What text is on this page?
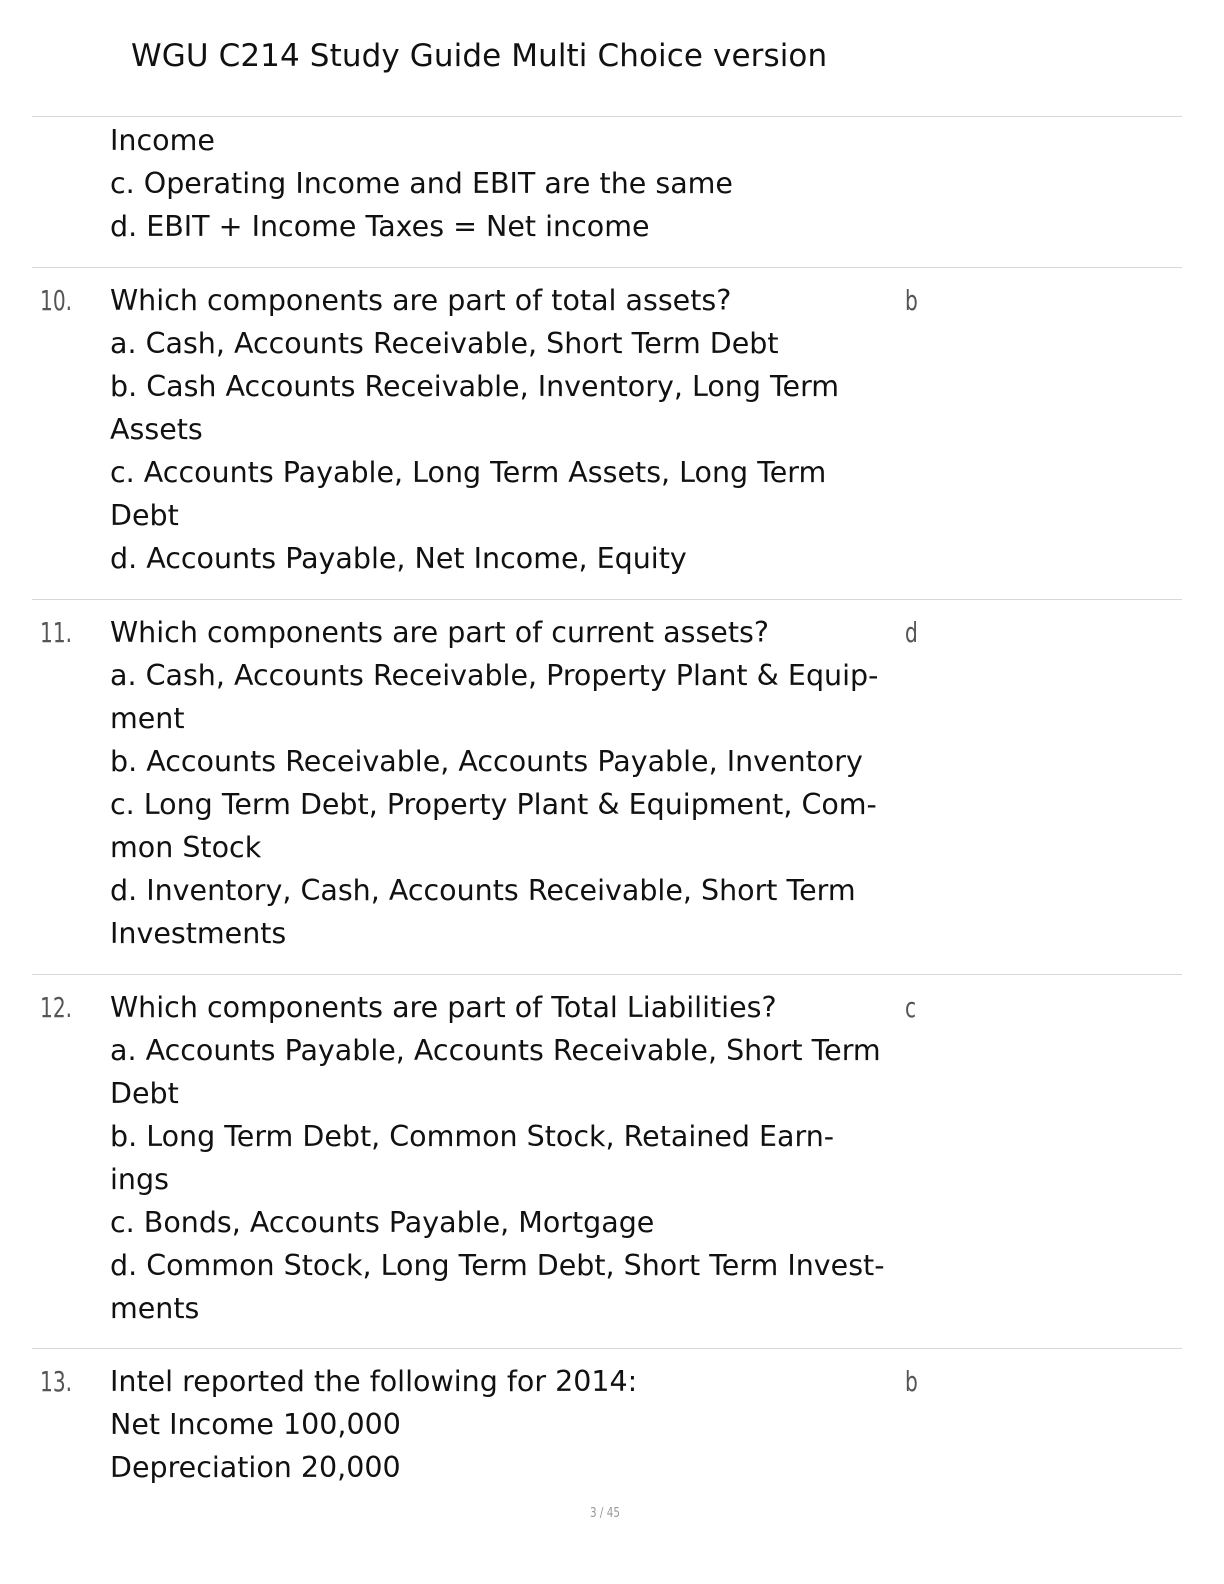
WGU C214 Study Guide Multi Choice version
Income
c. Operating Income and EBIT are the same
d. EBIT + Income Taxes = Net income
10. Which components are part of total assets?
a. Cash, Accounts Receivable, Short Term Debt
b. Cash Accounts Receivable, Inventory, Long Term
Assets
c. Accounts Payable, Long Term Assets, Long Term
Debt
d. Accounts Payable, Net Income, Equity
b
11. Which components are part of current assets?
a. Cash, Accounts Receivable, Property Plant & Equip-
ment
b. Accounts Receivable, Accounts Payable, Inventory
c. Long Term Debt, Property Plant & Equipment, Com-
mon Stock
d. Inventory, Cash, Accounts Receivable, Short Term
Investments
d
12. Which components are part of Total Liabilities?
a. Accounts Payable, Accounts Receivable, Short Term
Debt
b. Long Term Debt, Common Stock, Retained Earn-
ings
c. Bonds, Accounts Payable, Mortgage
d. Common Stock, Long Term Debt, Short Term Invest-
ments
c
13. Intel reported the following for 2014:
Net Income 100,000
Depreciation 20,000
b
3 / 45
